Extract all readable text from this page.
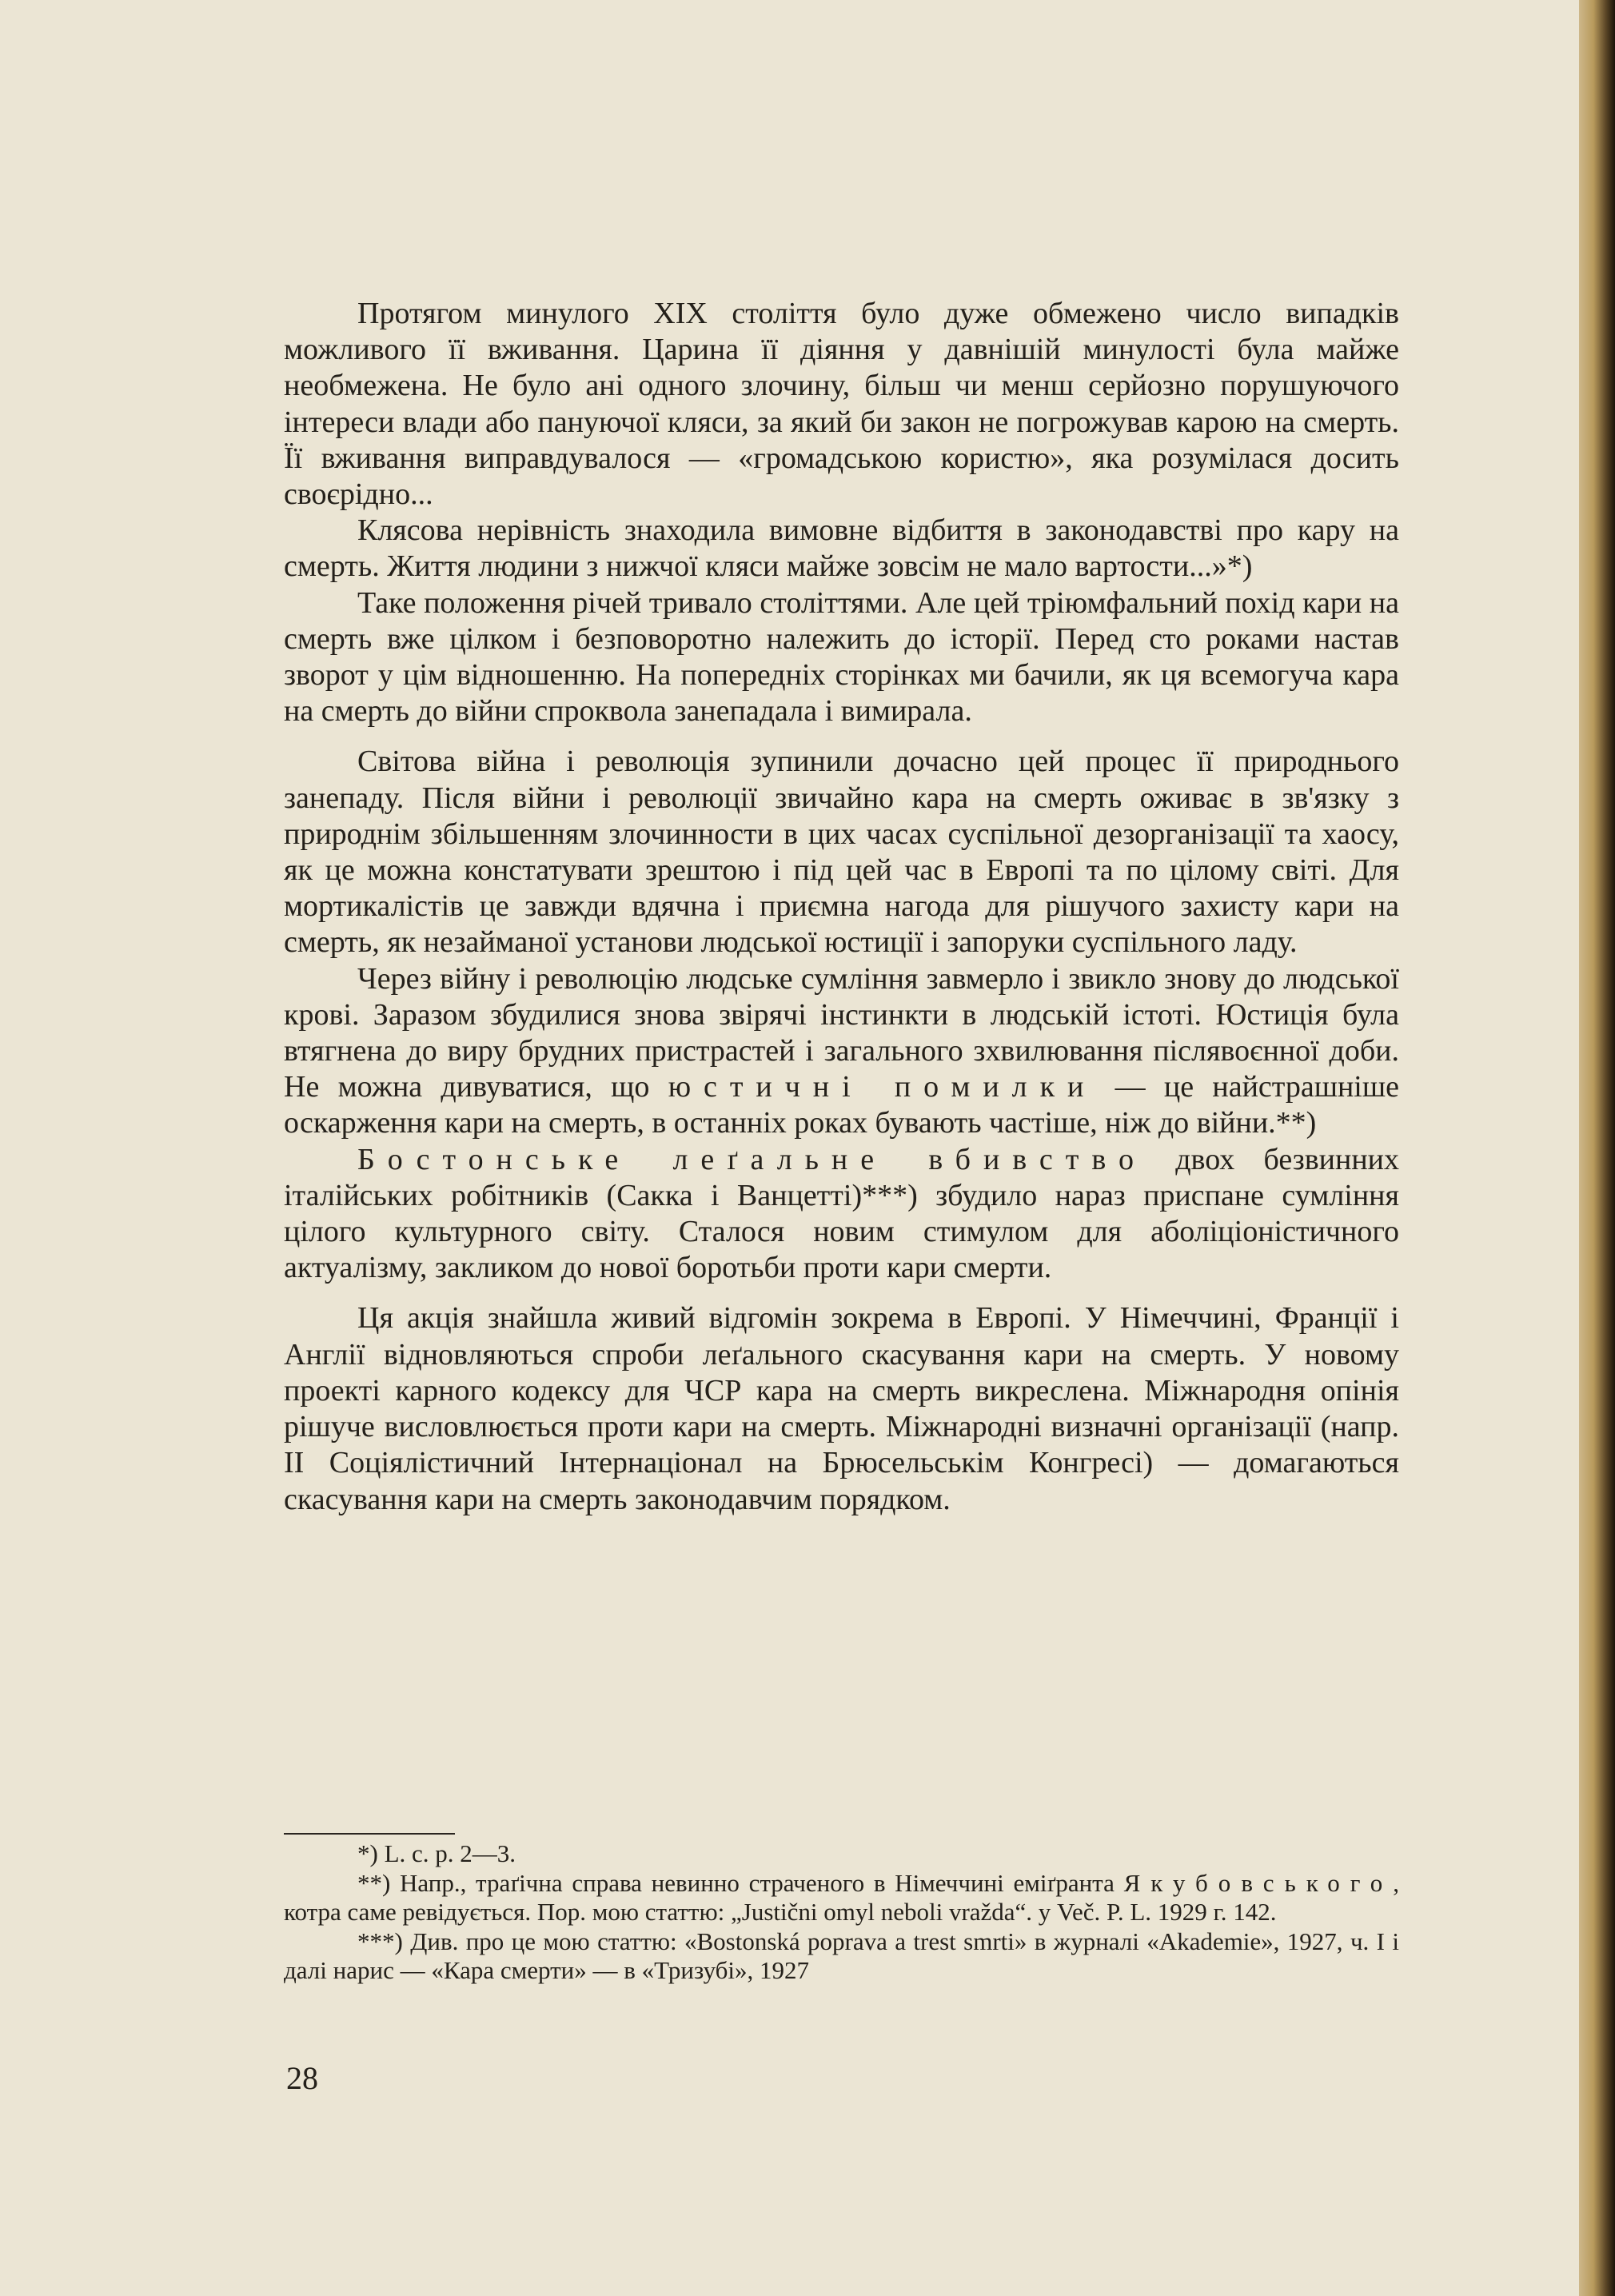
Протягом минулого XIX століття було дуже обмежено число випадків можливого її вживання. Царина її діяння у давнішій минулості була майже необмежена. Не було ані одного злочину, більш чи менш серйозно порушуючого інтереси влади або пануючої кляси, за який би закон не погрожував карою на смерть. Її вживання виправдувалося — «громадською користю», яка розумілася досить своєрідно...

Клясова нерівність знаходила вимовне відбиття в законодавстві про кару на смерть. Життя людини з нижчої кляси майже зовсім не мало вартости...»*)

Таке положення річей тривало століттями. Але цей тріюмфальний похід кари на смерть вже цілком і безповоротно належить до історії. Перед сто роками настав зворот у цім відношенню. На попередніх сторінках ми бачили, як ця всемогуча кара на смерть до війни спроквола занепадала і вимирала.

Світова війна і революція зупинили дочасно цей процес її природнього занепаду. Після війни і революції звичайно кара на смерть оживає в зв'язку з природнім збільшенням злочинности в цих часах суспільної дезорганізації та хаосу, як це можна констатувати зрештою і під цей час в Европі та по цілому світі. Для мортикалістів це завжди вдячна і приємна нагода для рішучого захисту кари на смерть, як незайманої установи людської юстиції і запоруки суспільного ладу.

Через війну і революцію людське сумління завмерло і звикло знову до людської крові. Заразом збудилися знова звірячі інстинкти в людській істоті. Юстиція була втягнена до виру брудних пристрастей і загального зхвилювання післявоєнної доби. Не можна дивуватися, що юстичні помилки — це найстрашніше оскарження кари на смерть, в останніх роках бувають частіше, ніж до війни.**)

Бостонське леґальне вбивство двох безвинних італійських робітників (Сакка і Ванцетті)***) збудило нараз приспане сумління цілого культурного світу. Сталося новим стимулом для аболіціоністичного актуалізму, закликом до нової боротьби проти кари смерти.

Ця акція знайшла живий відгомін зокрема в Европі. У Німеччині, Франції і Англії відновляються спроби леґального скасування кари на смерть. У новому проекті карного кодексу для ЧСР кара на смерть викреслена. Міжнародня опінія рішуче висловлюється проти кари на смерть. Міжнародні визначні організації (напр. II Соціялістичний Інтернаціонал на Брюсельськім Конгресі) — домагаються скасування кари на смерть законодавчим порядком.

*) L. c. p. 2—3.

**) Напр., траґічна справа невинно страченого в Німеччині еміґранта Якубовського, котра саме ревідується. Пор. мою статтю: „Justični omyl neboli vražda“. у Več. P. L. 1929 г. 142.

***) Див. про це мою статтю: «Bostonská poprava a trest smrti» в журналі «Akademie», 1927, ч. I і далі нарис — «Кара смерти» — в «Тризубі», 1927

28
